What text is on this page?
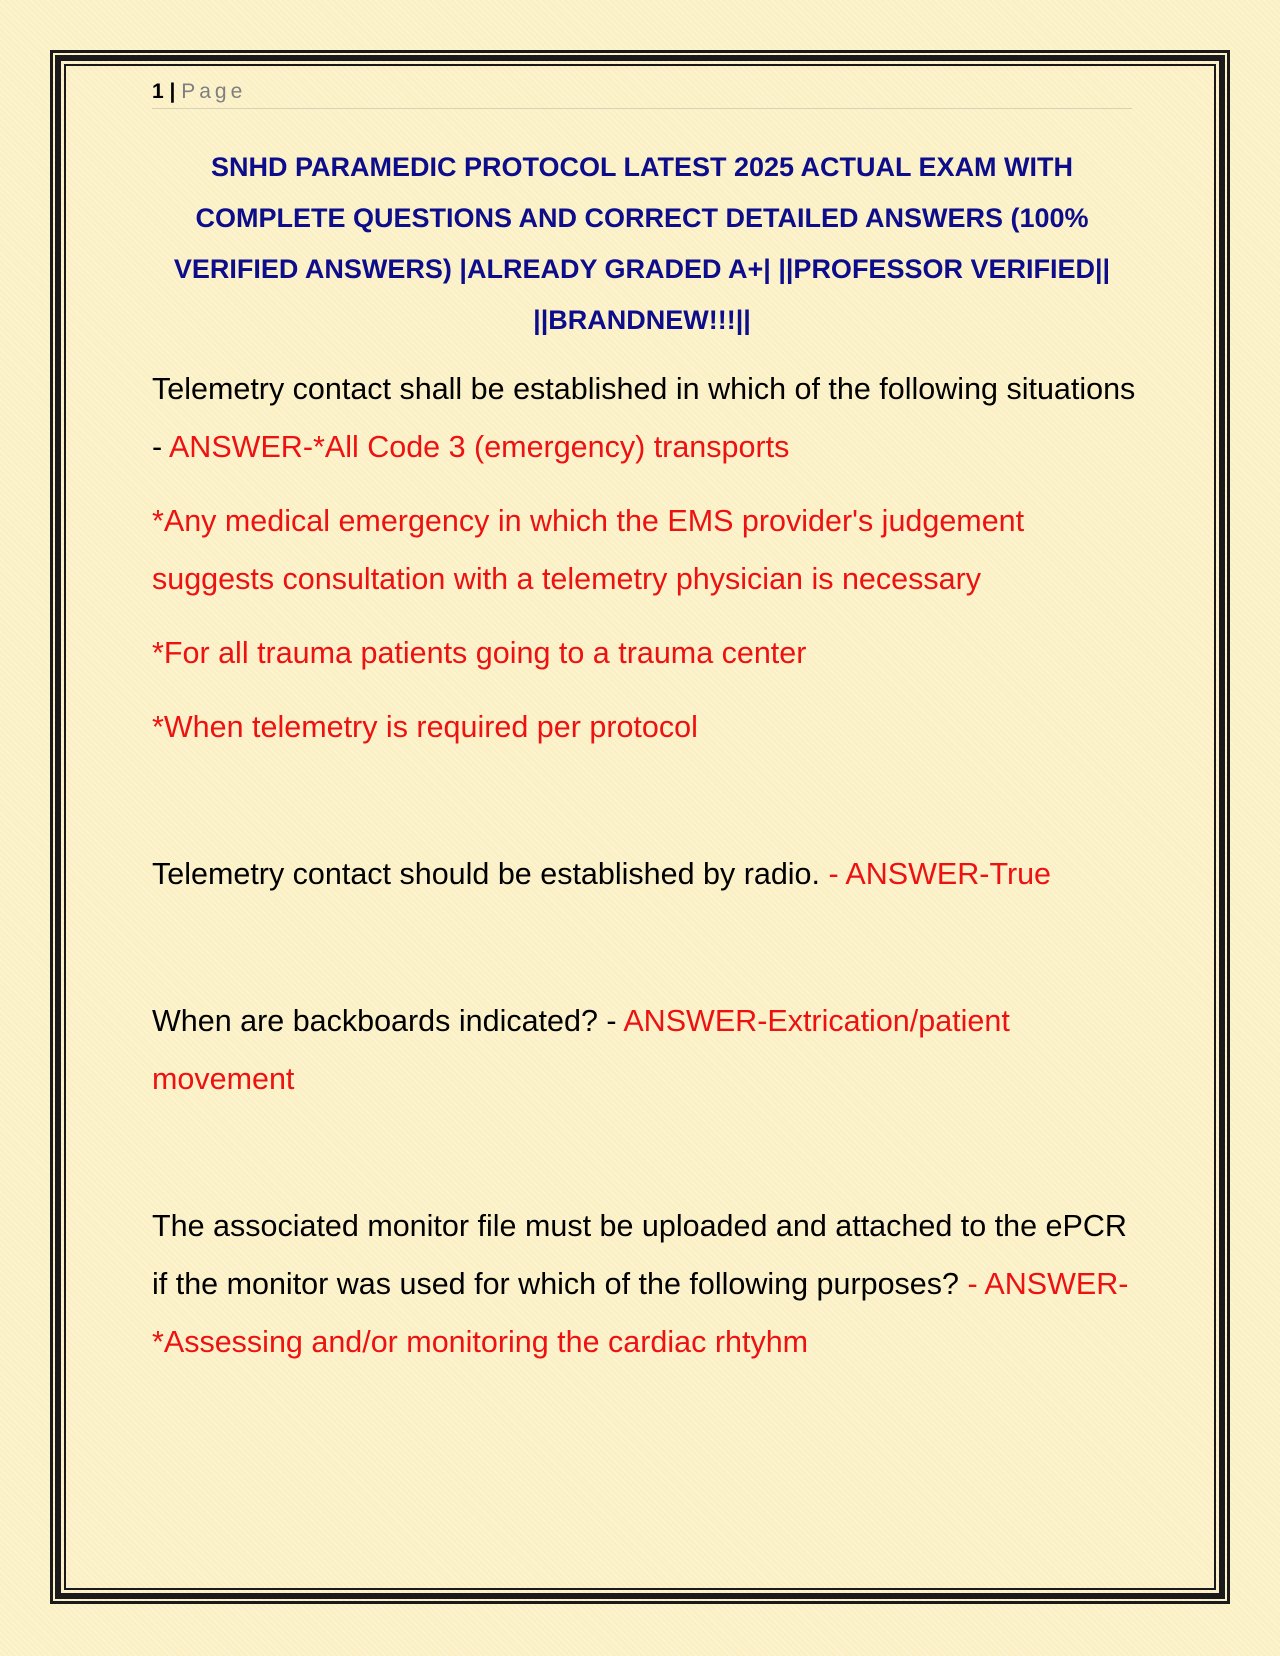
1 | Page
SNHD PARAMEDIC PROTOCOL LATEST 2025 ACTUAL EXAM WITH COMPLETE QUESTIONS AND CORRECT DETAILED ANSWERS (100% VERIFIED ANSWERS) |ALREADY GRADED A+| ||PROFESSOR VERIFIED|| ||BRANDNEW!!!||

Telemetry contact shall be established in which of the following situations - ANSWER-*All Code 3 (emergency) transports

*Any medical emergency in which the EMS provider's judgement suggests consultation with a telemetry physician is necessary

*For all trauma patients going to a trauma center

*When telemetry is required per protocol

Telemetry contact should be established by radio. - ANSWER-True

When are backboards indicated? - ANSWER-Extrication/patient movement

The associated monitor file must be uploaded and attached to the ePCR if the monitor was used for which of the following purposes? - ANSWER-*Assessing and/or monitoring the cardiac rhtyhm
